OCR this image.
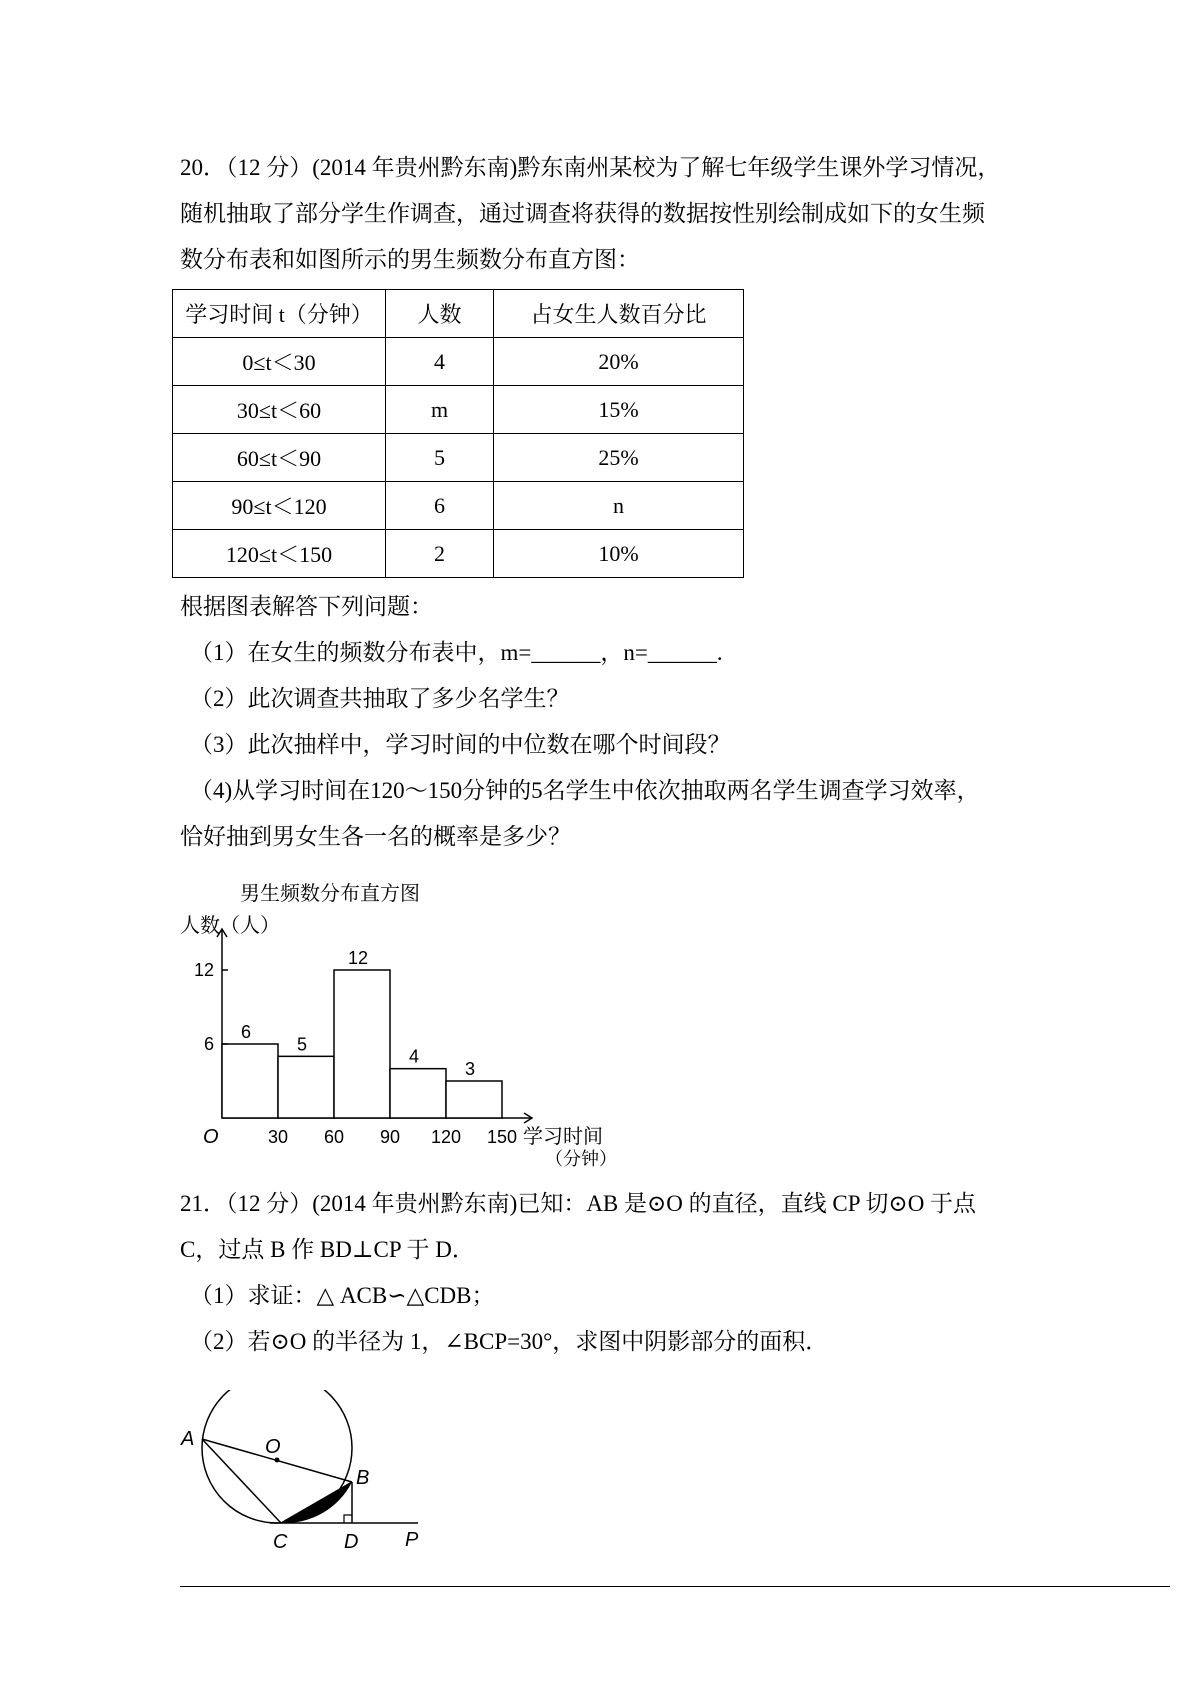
20．（12 分）(2014 年贵州黔东南)黔东南州某校为了解七年级学生课外学习情况，
随机抽取了部分学生作调查，通过调查将获得的数据按性别绘制成如下的女生频
数分布表和如图所示的男生频数分布直方图：
学习时间 t（分钟）	人数	占女生人数百分比
0≤t＜30	4	20%
30≤t＜60	m	15%
60≤t＜90	5	25%
90≤t＜120	6	n
120≤t＜150	2	10%
根据图表解答下列问题：
（1）在女生的频数分布表中，m=______，n=______.
（2）此次调查共抽取了多少名学生？
（3）此次抽样中，学习时间的中位数在哪个时间段？
（4)从学习时间在120～150分钟的5名学生中依次抽取两名学生调查学习效率，
恰好抽到男女生各一名的概率是多少？
男生频数分布直方图
人数（人）
学习时间
（分钟）
O
6
5
12
4
3
30 60 90 120 150
6
12
21．（12 分）(2014 年贵州黔东南)已知：AB 是⊙O 的直径，直线 CP 切⊙O 于点
C，过点 B 作 BD⊥CP 于 D．
（1）求证：△ ACB∽△CDB；
（2）若⊙O 的半径为 1，∠BCP=30°，求图中阴影部分的面积．
A	O
B
C	D P
